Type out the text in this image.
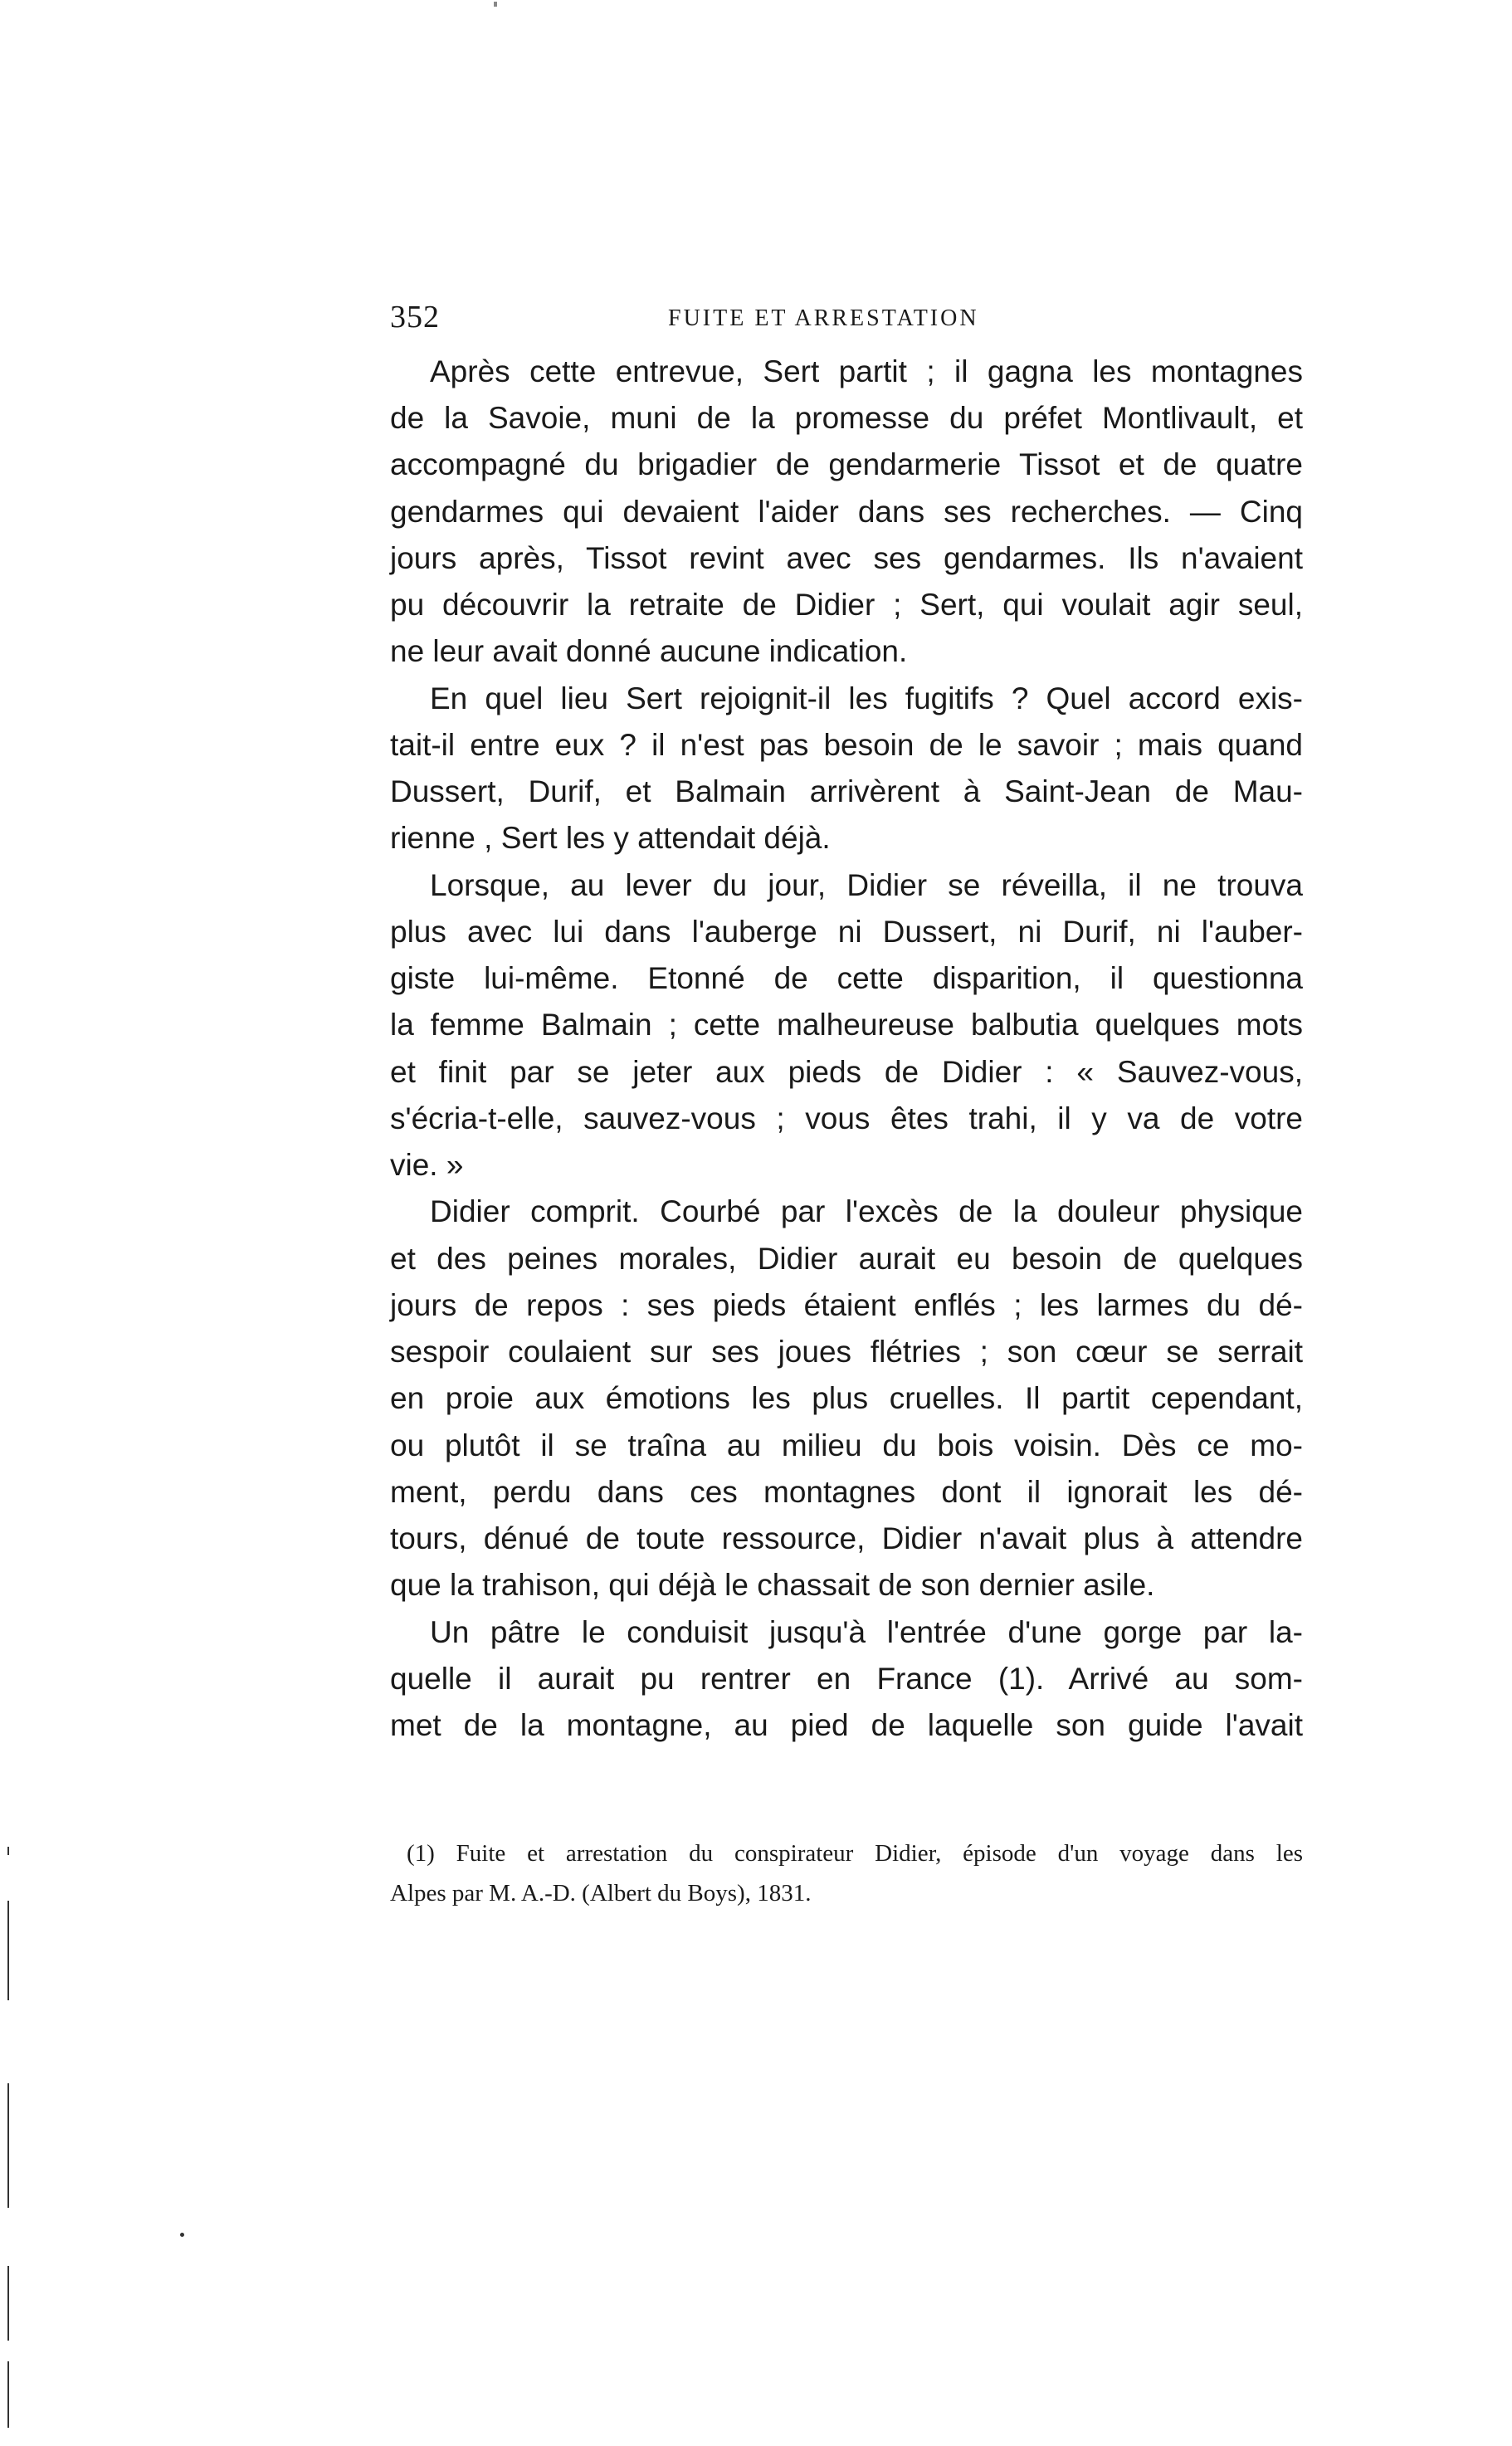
352	FUITE ET ARRESTATION
Après cette entrevue, Sert partit ; il gagna les montagnes
de la Savoie, muni de la promesse du préfet Montlivault, et
accompagné du brigadier de gendarmerie Tissot et de quatre
gendarmes qui devaient l'aider dans ses recherches. — Cinq
jours après, Tissot revint avec ses gendarmes. Ils n'avaient
pu découvrir la retraite de Didier ; Sert, qui voulait agir seul,
ne leur avait donné aucune indication.
En quel lieu Sert rejoignit-il les fugitifs ? Quel accord exis-
tait-il entre eux ? il n'est pas besoin de le savoir ; mais quand
Dussert, Durif, et Balmain arrivèrent à Saint-Jean de Mau-
rienne , Sert les y attendait déjà.
Lorsque, au lever du jour, Didier se réveilla, il ne trouva
plus avec lui dans l'auberge ni Dussert, ni Durif, ni l'auber-
giste lui-même. Etonné de cette disparition, il questionna
la femme Balmain ; cette malheureuse balbutia quelques mots
et finit par se jeter aux pieds de Didier : « Sauvez-vous,
s'écria-t-elle, sauvez-vous ; vous êtes trahi, il y va de votre
vie. »
Didier comprit. Courbé par l'excès de la douleur physique
et des peines morales, Didier aurait eu besoin de quelques
jours de repos : ses pieds étaient enflés ; les larmes du dé-
sespoir coulaient sur ses joues flétries ; son cœur se serrait
en proie aux émotions les plus cruelles. Il partit cependant,
ou plutôt il se traîna au milieu du bois voisin. Dès ce mo-
ment, perdu dans ces montagnes dont il ignorait les dé-
tours, dénué de toute ressource, Didier n'avait plus à attendre
que la trahison, qui déjà le chassait de son dernier asile.
Un pâtre le conduisit jusqu'à l'entrée d'une gorge par la-
quelle il aurait pu rentrer en France (1). Arrivé au som-
met de la montagne, au pied de laquelle son guide l'avait
(1) Fuite et arrestation du conspirateur Didier, épisode d'un voyage dans les
Alpes par M. A.-D. (Albert du Boys), 1831.
